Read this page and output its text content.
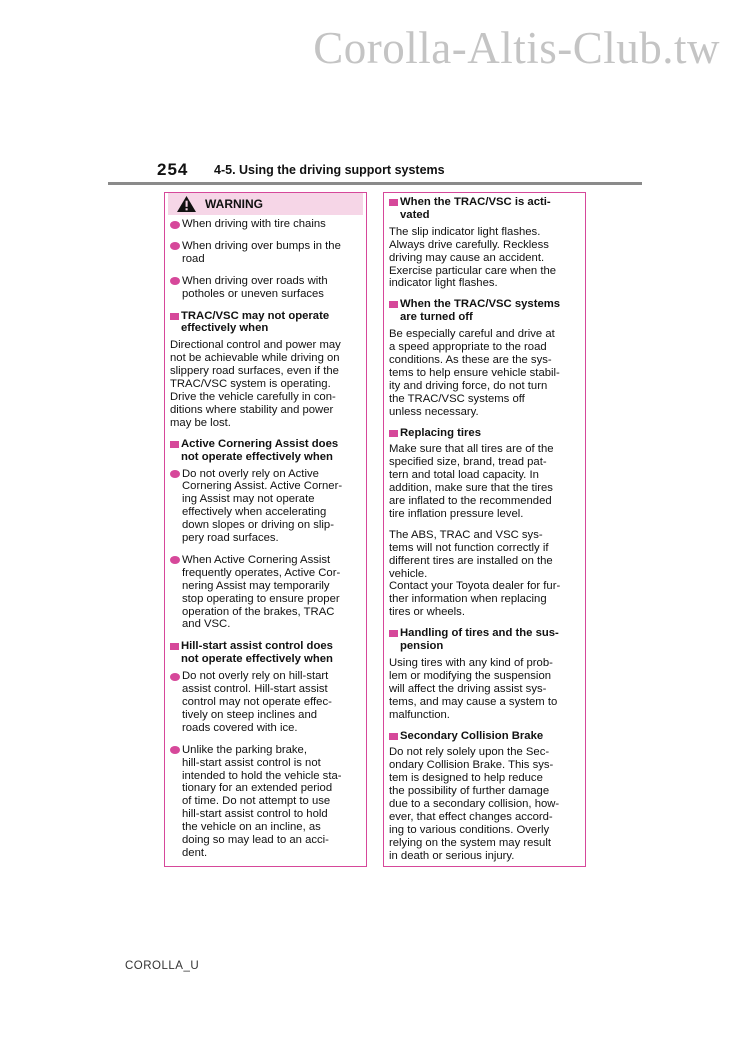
Corolla-Altis-Club.tw
254 4-5. Using the driving support systems
WARNING
When driving with tire chains
When driving over bumps in the
road
When driving over roads with
potholes or uneven surfaces
TRAC/VSC may not operate
effectively when
Directional control and power may
not be achievable while driving on
slippery road surfaces, even if the
TRAC/VSC system is operating.
Drive the vehicle carefully in con-
ditions where stability and power
may be lost.
Active Cornering Assist does
not operate effectively when
Do not overly rely on Active
Cornering Assist. Active Corner-
ing Assist may not operate
effectively when accelerating
down slopes or driving on slip-
pery road surfaces.
When Active Cornering Assist
frequently operates, Active Cor-
nering Assist may temporarily
stop operating to ensure proper
operation of the brakes, TRAC
and VSC.
Hill-start assist control does
not operate effectively when
Do not overly rely on hill-start
assist control. Hill-start assist
control may not operate effec-
tively on steep inclines and
roads covered with ice.
Unlike the parking brake,
hill-start assist control is not
intended to hold the vehicle sta-
tionary for an extended period
of time. Do not attempt to use
hill-start assist control to hold
the vehicle on an incline, as
doing so may lead to an acci-
dent.
When the TRAC/VSC is acti-
vated
The slip indicator light flashes.
Always drive carefully. Reckless
driving may cause an accident.
Exercise particular care when the
indicator light flashes.
When the TRAC/VSC systems
are turned off
Be especially careful and drive at
a speed appropriate to the road
conditions. As these are the sys-
tems to help ensure vehicle stabil-
ity and driving force, do not turn
the TRAC/VSC systems off
unless necessary.
Replacing tires
Make sure that all tires are of the
specified size, brand, tread pat-
tern and total load capacity. In
addition, make sure that the tires
are inflated to the recommended
tire inflation pressure level.
The ABS, TRAC and VSC sys-
tems will not function correctly if
different tires are installed on the
vehicle.
Contact your Toyota dealer for fur-
ther information when replacing
tires or wheels.
Handling of tires and the sus-
pension
Using tires with any kind of prob-
lem or modifying the suspension
will affect the driving assist sys-
tems, and may cause a system to
malfunction.
Secondary Collision Brake
Do not rely solely upon the Sec-
ondary Collision Brake. This sys-
tem is designed to help reduce
the possibility of further damage
due to a secondary collision, how-
ever, that effect changes accord-
ing to various conditions. Overly
relying on the system may result
in death or serious injury.
COROLLA_U
